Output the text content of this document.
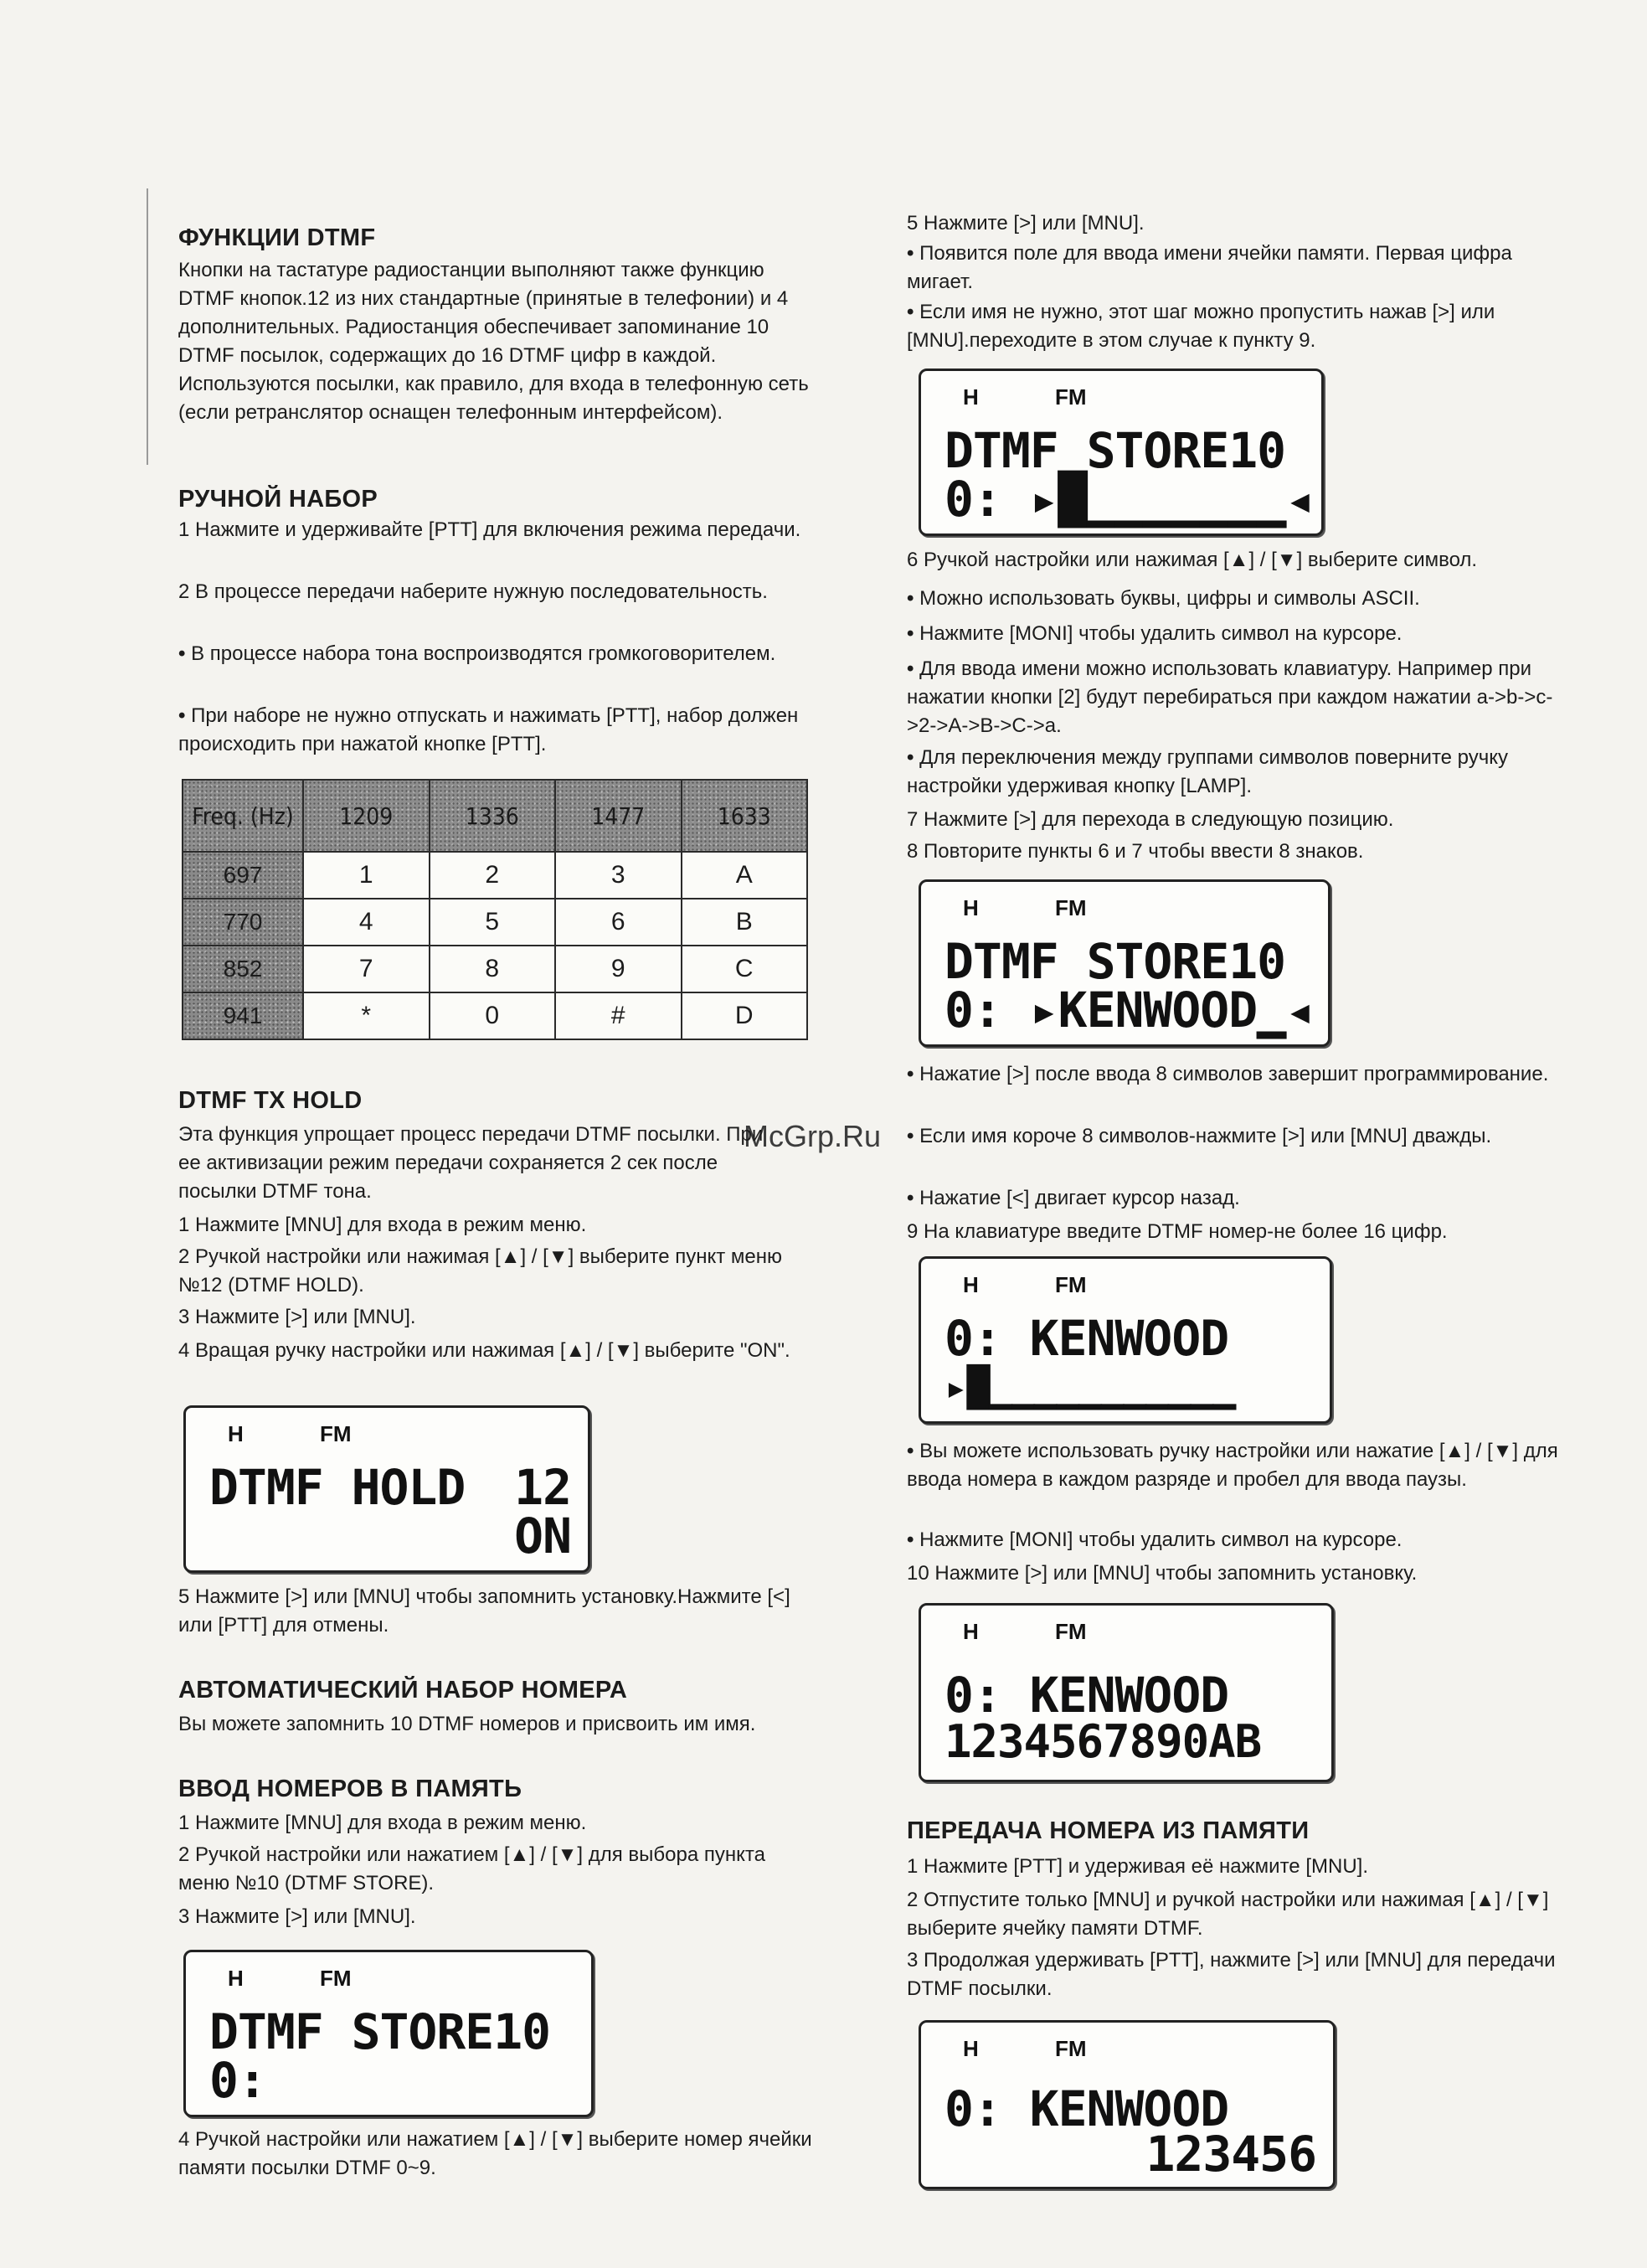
McGrp.Ru
ФУНКЦИИ DTMF

Кнопки на тастатуре радиостанции выполняют также функцию DTMF кнопок.12 из них стандартные (принятые в телефонии) и 4 дополнительных. Радиостанция обеспечивает запоминание 10 DTMF посылок, содержащих до 16 DTMF цифр в каждой. Используются посылки, как правило, для входа в телефонную сеть (если ретранслятор оснащен телефонным интерфейсом).

РУЧНОЙ НАБОР

1 Нажмите и удерживайте [PTT] для включения режима передачи.

2 В процессе передачи наберите нужную последовательность.

• В процессе набора тона воспроизводятся громкоговорителем.

• При наборе не нужно отпускать и нажимать [PTT], набор должен происходить при нажатой кнопке [PTT].

Freq. (Hz)	1209	1336	1477	1633
697	1	2	3	A
770	4	5	6	B
852	7	8	9	C
941	*	0	#	D
DTMF TX HOLD

Эта функция упрощает процесс передачи DTMF посылки. При ее активизации режим передачи сохраняется 2 сек после посылки DTMF тона.

1 Нажмите [MNU] для входа в режим меню.

2 Ручкой настройки или нажимая [▲] / [▼] выберите пункт меню №12 (DTMF HOLD).

3 Нажмите [>] или [MNU].

4 Вращая ручку настройки или нажимая [▲] / [▼] выберите "ON".

H	FM
DTMF HOLD 12
ON

5 Нажмите [>] или [MNU] чтобы запомнить установку.Нажмите [<] или [PTT] для отмены.

АВТОМАТИЧЕСКИЙ НАБОР НОМЕРА

Вы можете запомнить 10 DTMF номеров и присвоить им имя.

ВВОД НОМЕРОВ В ПАМЯТЬ

1 Нажмите [MNU] для входа в режим меню.

2 Ручкой настройки или нажатием [▲] / [▼] для выбора пункта меню №10 (DTMF STORE).

3 Нажмите [>] или [MNU].

H	FM
DTMF STORE10
0:

4 Ручкой настройки или нажатием [▲] / [▼] выберите номер ячейки памяти посылки DTMF 0~9.

5 Нажмите [>] или [MNU].

• Появится поле для ввода имени ячейки памяти. Первая цифра мигает.

• Если имя не нужно, этот шаг можно пропустить нажав [>] или [MNU].переходите в этом случае к пункту 9.

H	FM
DTMF STORE10
0: ▸█▁▁▁▁▁▁▁◂

6 Ручкой настройки или нажимая [▲] / [▼] выберите символ.

• Можно использовать буквы, цифры и символы ASCII.

• Нажмите [MONI] чтобы удалить символ на курсоре.

• Для ввода имени можно использовать клавиатуру. Например при нажатии кнопки [2] будут перебираться при каждом нажатии a->b->c->2->A->B->C->a.

• Для переключения между группами символов поверните ручку настройки удерживая кнопку [LAMP].

7 Нажмите [>] для перехода в следующую позицию.

8 Повторите пункты 6 и 7 чтобы ввести 8 знаков.

H	FM
DTMF STORE10
0: ▸KENWOOD▁◂

• Нажатие [>] после ввода 8 символов завершит программирование.

• Если имя короче 8 символов-нажмите [>] или [MNU] дважды.

• Нажатие [<] двигает курсор назад.

9 На клавиатуре введите DTMF номер-не более 16 цифр.

H	FM
0: KENWOOD
▸█▁▁▁▁▁▁▁▁▁▁▁

• Вы можете использовать ручку настройки или нажатие [▲] / [▼] для ввода номера в каждом разряде и пробел для ввода паузы.

• Нажмите [MONI] чтобы удалить символ на курсоре.

10 Нажмите [>] или [MNU] чтобы запомнить установку.

H	FM
0: KENWOOD
1234567890AB
ПЕРЕДАЧА НОМЕРА ИЗ ПАМЯТИ

1 Нажмите [PTT] и удерживая её нажмите [MNU].

2 Отпустите только [MNU] и ручкой настройки или нажимая [▲] / [▼] выберите ячейку памяти DTMF.

3 Продолжая удерживать [PTT], нажмите [>] или [MNU] для передачи DTMF посылки.

H	FM
0: KENWOOD
123456
